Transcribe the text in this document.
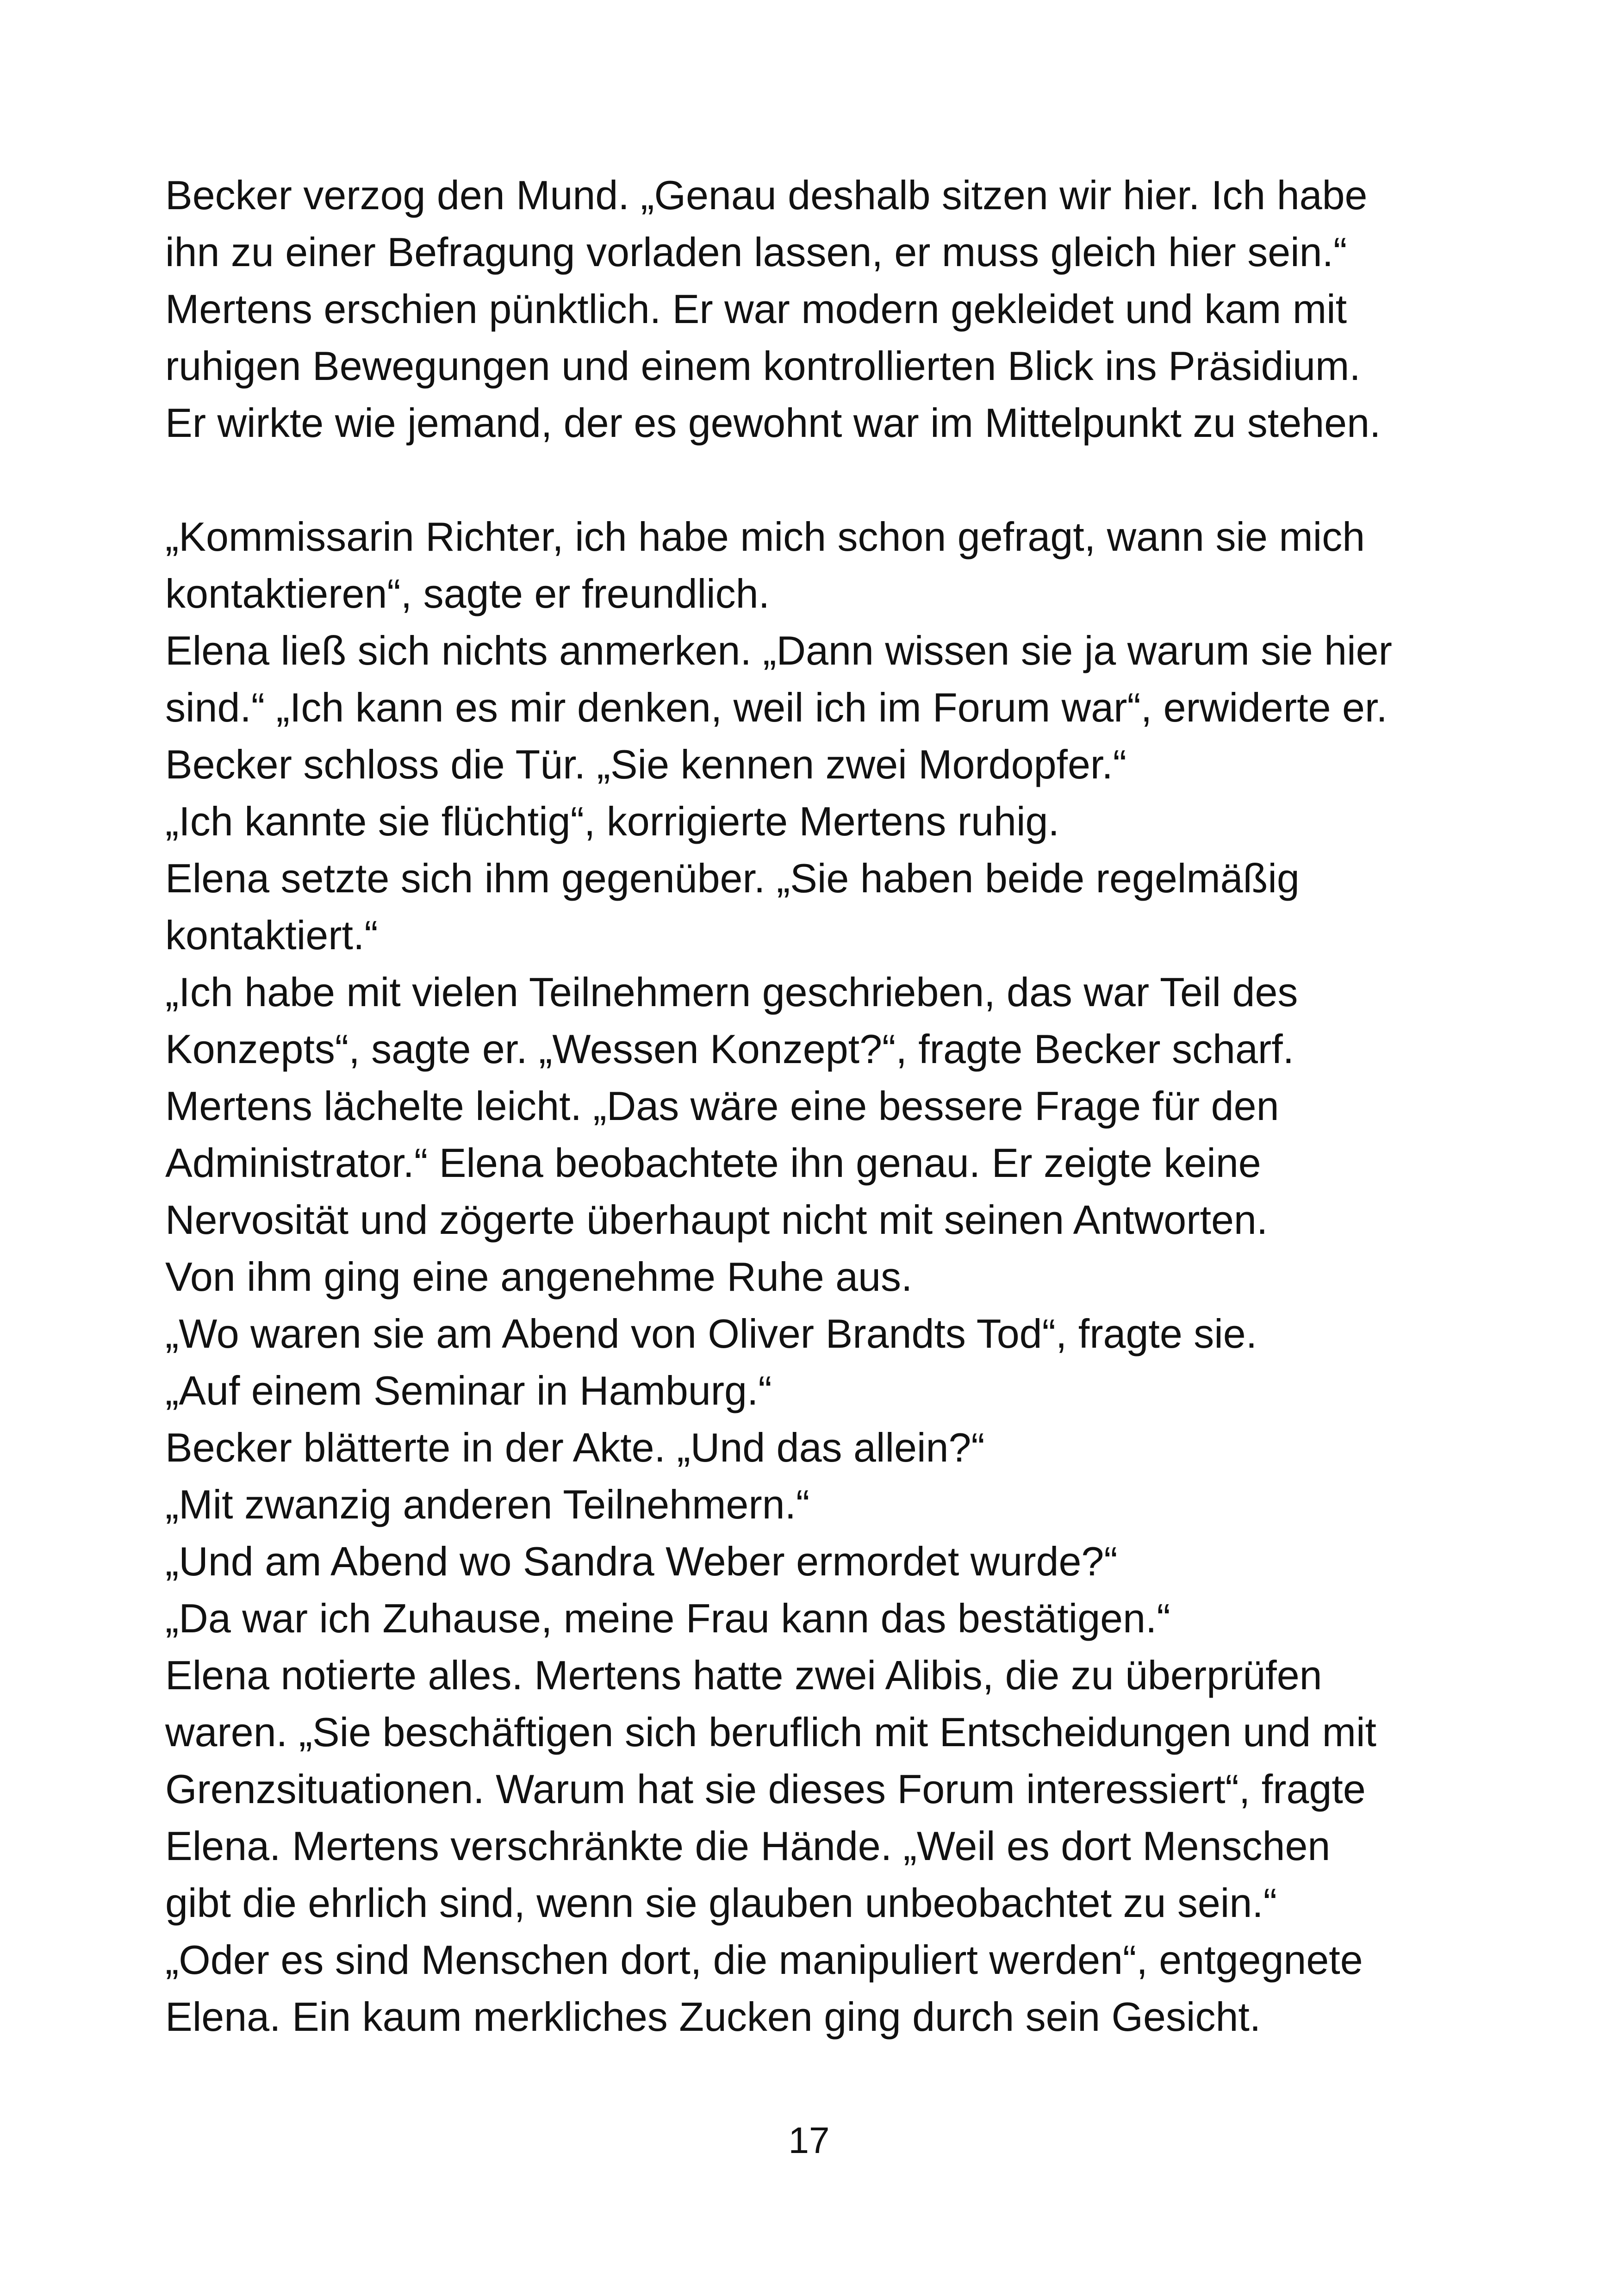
Becker verzog den Mund. „Genau deshalb sitzen wir hier. Ich habe
ihn zu einer Befragung vorladen lassen, er muss gleich hier sein.“
Mertens erschien pünktlich. Er war modern gekleidet und kam mit
ruhigen Bewegungen und einem kontrollierten Blick ins Präsidium.
Er wirkte wie jemand, der es gewohnt war im Mittelpunkt zu stehen.
„Kommissarin Richter, ich habe mich schon gefragt, wann sie mich
kontaktieren“, sagte er freundlich.
Elena ließ sich nichts anmerken. „Dann wissen sie ja warum sie hier
sind.“ „Ich kann es mir denken, weil ich im Forum war“, erwiderte er.
Becker schloss die Tür. „Sie kennen zwei Mordopfer.“
„Ich kannte sie flüchtig“, korrigierte Mertens ruhig.
Elena setzte sich ihm gegenüber. „Sie haben beide regelmäßig
kontaktiert.“
„Ich habe mit vielen Teilnehmern geschrieben, das war Teil des
Konzepts“, sagte er. „Wessen Konzept?“, fragte Becker scharf.
Mertens lächelte leicht. „Das wäre eine bessere Frage für den
Administrator.“ Elena beobachtete ihn genau. Er zeigte keine
Nervosität und zögerte überhaupt nicht mit seinen Antworten.
Von ihm ging eine angenehme Ruhe aus.
„Wo waren sie am Abend von Oliver Brandts Tod“, fragte sie.
„Auf einem Seminar in Hamburg.“
Becker blätterte in der Akte. „Und das allein?“
„Mit zwanzig anderen Teilnehmern.“
„Und am Abend wo Sandra Weber ermordet wurde?“
„Da war ich Zuhause, meine Frau kann das bestätigen.“
Elena notierte alles. Mertens hatte zwei Alibis, die zu überprüfen
waren. „Sie beschäftigen sich beruflich mit Entscheidungen und mit
Grenzsituationen. Warum hat sie dieses Forum interessiert“, fragte
Elena. Mertens verschränkte die Hände. „Weil es dort Menschen
gibt die ehrlich sind, wenn sie glauben unbeobachtet zu sein.“
„Oder es sind Menschen dort, die manipuliert werden“, entgegnete
Elena. Ein kaum merkliches Zucken ging durch sein Gesicht.
17
